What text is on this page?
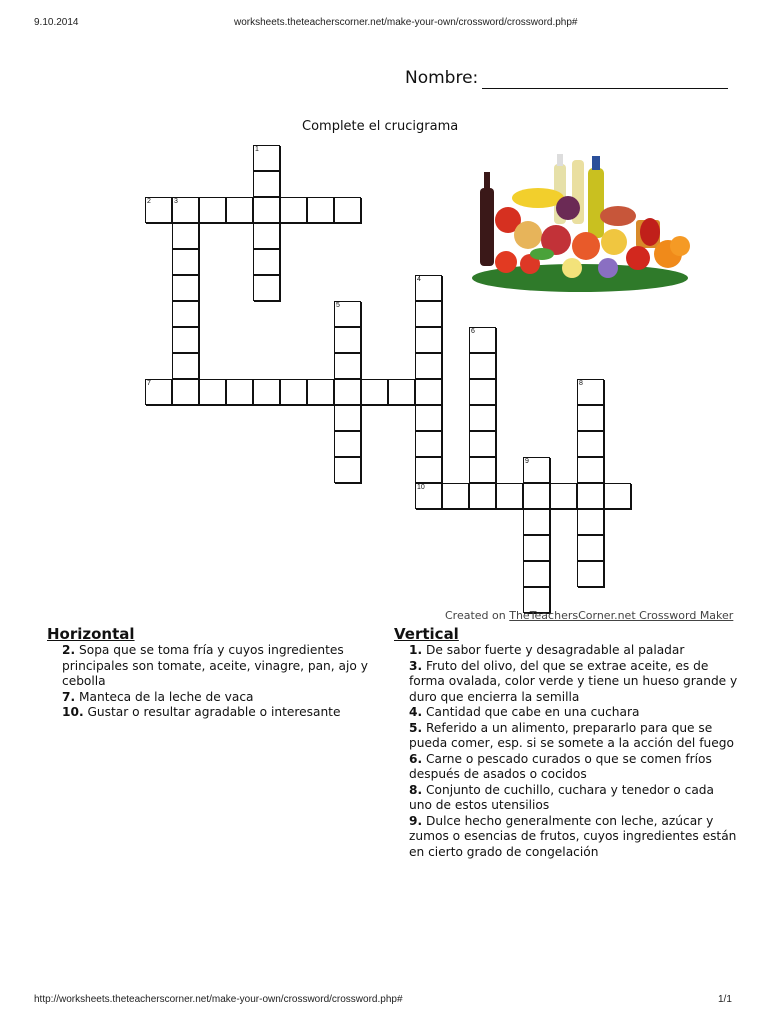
9.10.2014	worksheets.theteacherscorner.net/make-your-own/crossword/crossword.php#
Nombre:
Complete el crucigrama
1
2	3
4
10
5
6
7	8
9
Created on TheTeachersCorner.net Crossword Maker
Horizontal
2. Sopa que se toma fría y cuyos ingredientes principales son tomate, aceite, vinagre, pan, ajo y cebolla
7. Manteca de la leche de vaca
10. Gustar o resultar agradable o interesante
Vertical
1. De sabor fuerte y desagradable al paladar
3. Fruto del olivo, del que se extrae aceite, es de forma ovalada, color verde y tiene un hueso grande y duro que encierra la semilla
4. Cantidad que cabe en una cuchara
5. Referido a un alimento, prepararlo para que se pueda comer, esp. si se somete a la acción del fuego
6. Carne o pescado curados o que se comen fríos después de asados o cocidos
8. Conjunto de cuchillo, cuchara y tenedor o cada uno de estos utensilios
9. Dulce hecho generalmente con leche, azúcar y zumos o esencias de frutos, cuyos ingredientes están en cierto grado de congelación
http://worksheets.theteacherscorner.net/make-your-own/crossword/crossword.php#	1/1
